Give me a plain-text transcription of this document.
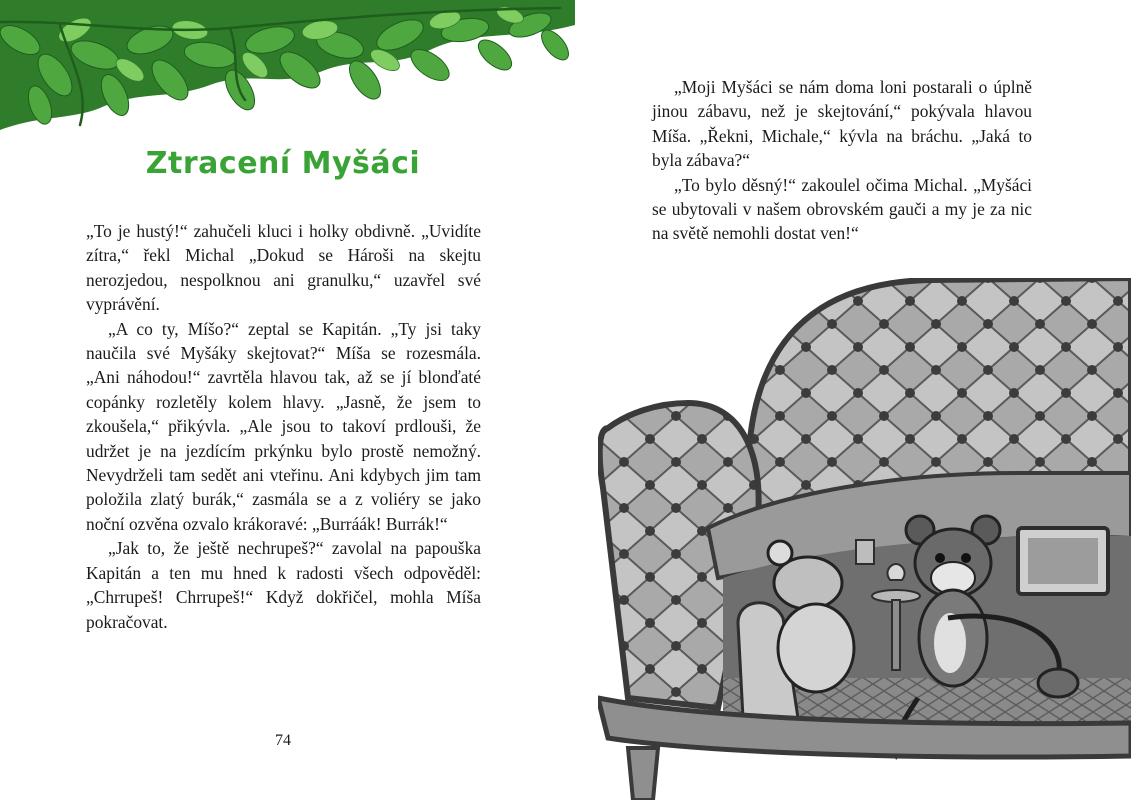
Ztracení Myšáci

„To je hustý!“ zahučeli kluci i holky obdivně. „Uvidíte zítra,“ řekl Michal „Dokud se Hároši na skejtu nerozjedou, nespolknou ani granulku,“ uzavřel své vyprávění.

„A co ty, Míšo?“ zeptal se Kapitán. „Ty jsi taky naučila své Myšáky skejtovat?“ Míša se rozesmála. „Ani náhodou!“ zavrtěla hlavou tak, až se jí blonďaté copánky rozletěly kolem hlavy. „Jasně, že jsem to zkoušela,“ přikývla. „Ale jsou to takoví prdlouši, že udržet je na jezdícím prkýnku bylo prostě nemožný. Nevydrželi tam sedět ani vteřinu. Ani kdybych jim tam položila zlatý burák,“ zasmála se a z voliéry se jako noční ozvěna ozvalo krákoravé: „Burráák! Burrák!“

„Jak to, že ještě nechrupeš?“ zavolal na papouška Kapitán a ten mu hned k radosti všech odpověděl: „Chrrupeš! Chrrupeš!“ Když dokřičel, mohla Míša pokračovat.

74

„Moji Myšáci se nám doma loni postarali o úplně jinou zábavu, než je skejtování,“ pokývala hlavou Míša. „Řekni, Michale,“ kývla na bráchu. „Jaká to byla zábava?“

„To bylo děsný!“ zakoulel očima Michal. „Myšáci se ubytovali v našem obrovském gauči a my je za nic na světě nemohli dostat ven!“
